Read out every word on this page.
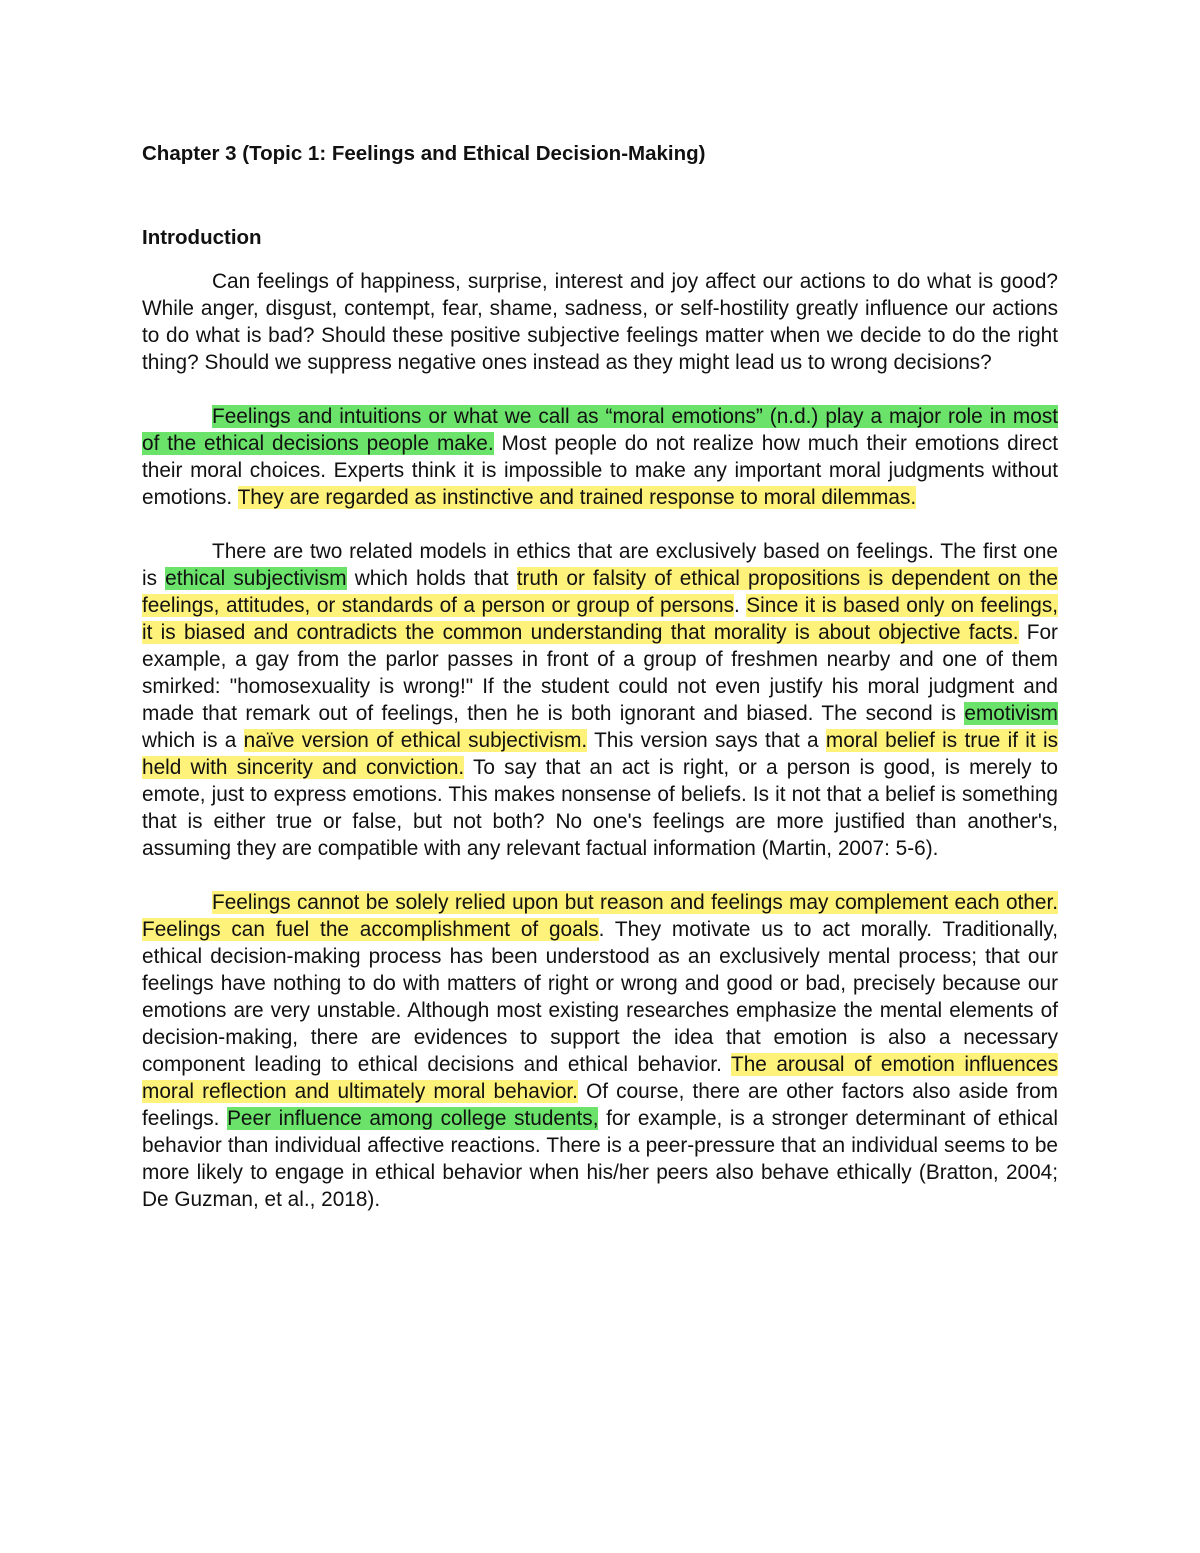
Chapter 3 (Topic 1: Feelings and Ethical Decision-Making)
Introduction

Can feelings of happiness, surprise, interest and joy affect our actions to do what is good? While anger, disgust, contempt, fear, shame, sadness, or self-hostility greatly influence our actions to do what is bad? Should these positive subjective feelings matter when we decide to do the right thing? Should we suppress negative ones instead as they might lead us to wrong decisions?

Feelings and intuitions or what we call as “moral emotions” (n.d.) play a major role in most of the ethical decisions people make. Most people do not realize how much their emotions direct their moral choices. Experts think it is impossible to make any important moral judgments without emotions. They are regarded as instinctive and trained response to moral dilemmas.

There are two related models in ethics that are exclusively based on feelings. The first one is ethical subjectivism which holds that truth or falsity of ethical propositions is dependent on the feelings, attitudes, or standards of a person or group of persons. Since it is based only on feelings, it is biased and contradicts the common understanding that morality is about objective facts. For example, a gay from the parlor passes in front of a group of freshmen nearby and one of them smirked: "homosexuality is wrong!" If the student could not even justify his moral judgment and made that remark out of feelings, then he is both ignorant and biased. The second is emotivism which is a naïve version of ethical subjectivism. This version says that a moral belief is true if it is held with sincerity and conviction. To say that an act is right, or a person is good, is merely to emote, just to express emotions. This makes nonsense of beliefs. Is it not that a belief is something that is either true or false, but not both? No one's feelings are more justified than another's, assuming they are compatible with any relevant factual information (Martin, 2007: 5-6).

Feelings cannot be solely relied upon but reason and feelings may complement each other. Feelings can fuel the accomplishment of goals. They motivate us to act morally. Traditionally, ethical decision-making process has been understood as an exclusively mental process; that our feelings have nothing to do with matters of right or wrong and good or bad, precisely because our emotions are very unstable. Although most existing researches emphasize the mental elements of decision-making, there are evidences to support the idea that emotion is also a necessary component leading to ethical decisions and ethical behavior. The arousal of emotion influences moral reflection and ultimately moral behavior. Of course, there are other factors also aside from feelings. Peer influence among college students, for example, is a stronger determinant of ethical behavior than individual affective reactions. There is a peer-pressure that an individual seems to be more likely to engage in ethical behavior when his/her peers also behave ethically (Bratton, 2004; De Guzman, et al., 2018).
